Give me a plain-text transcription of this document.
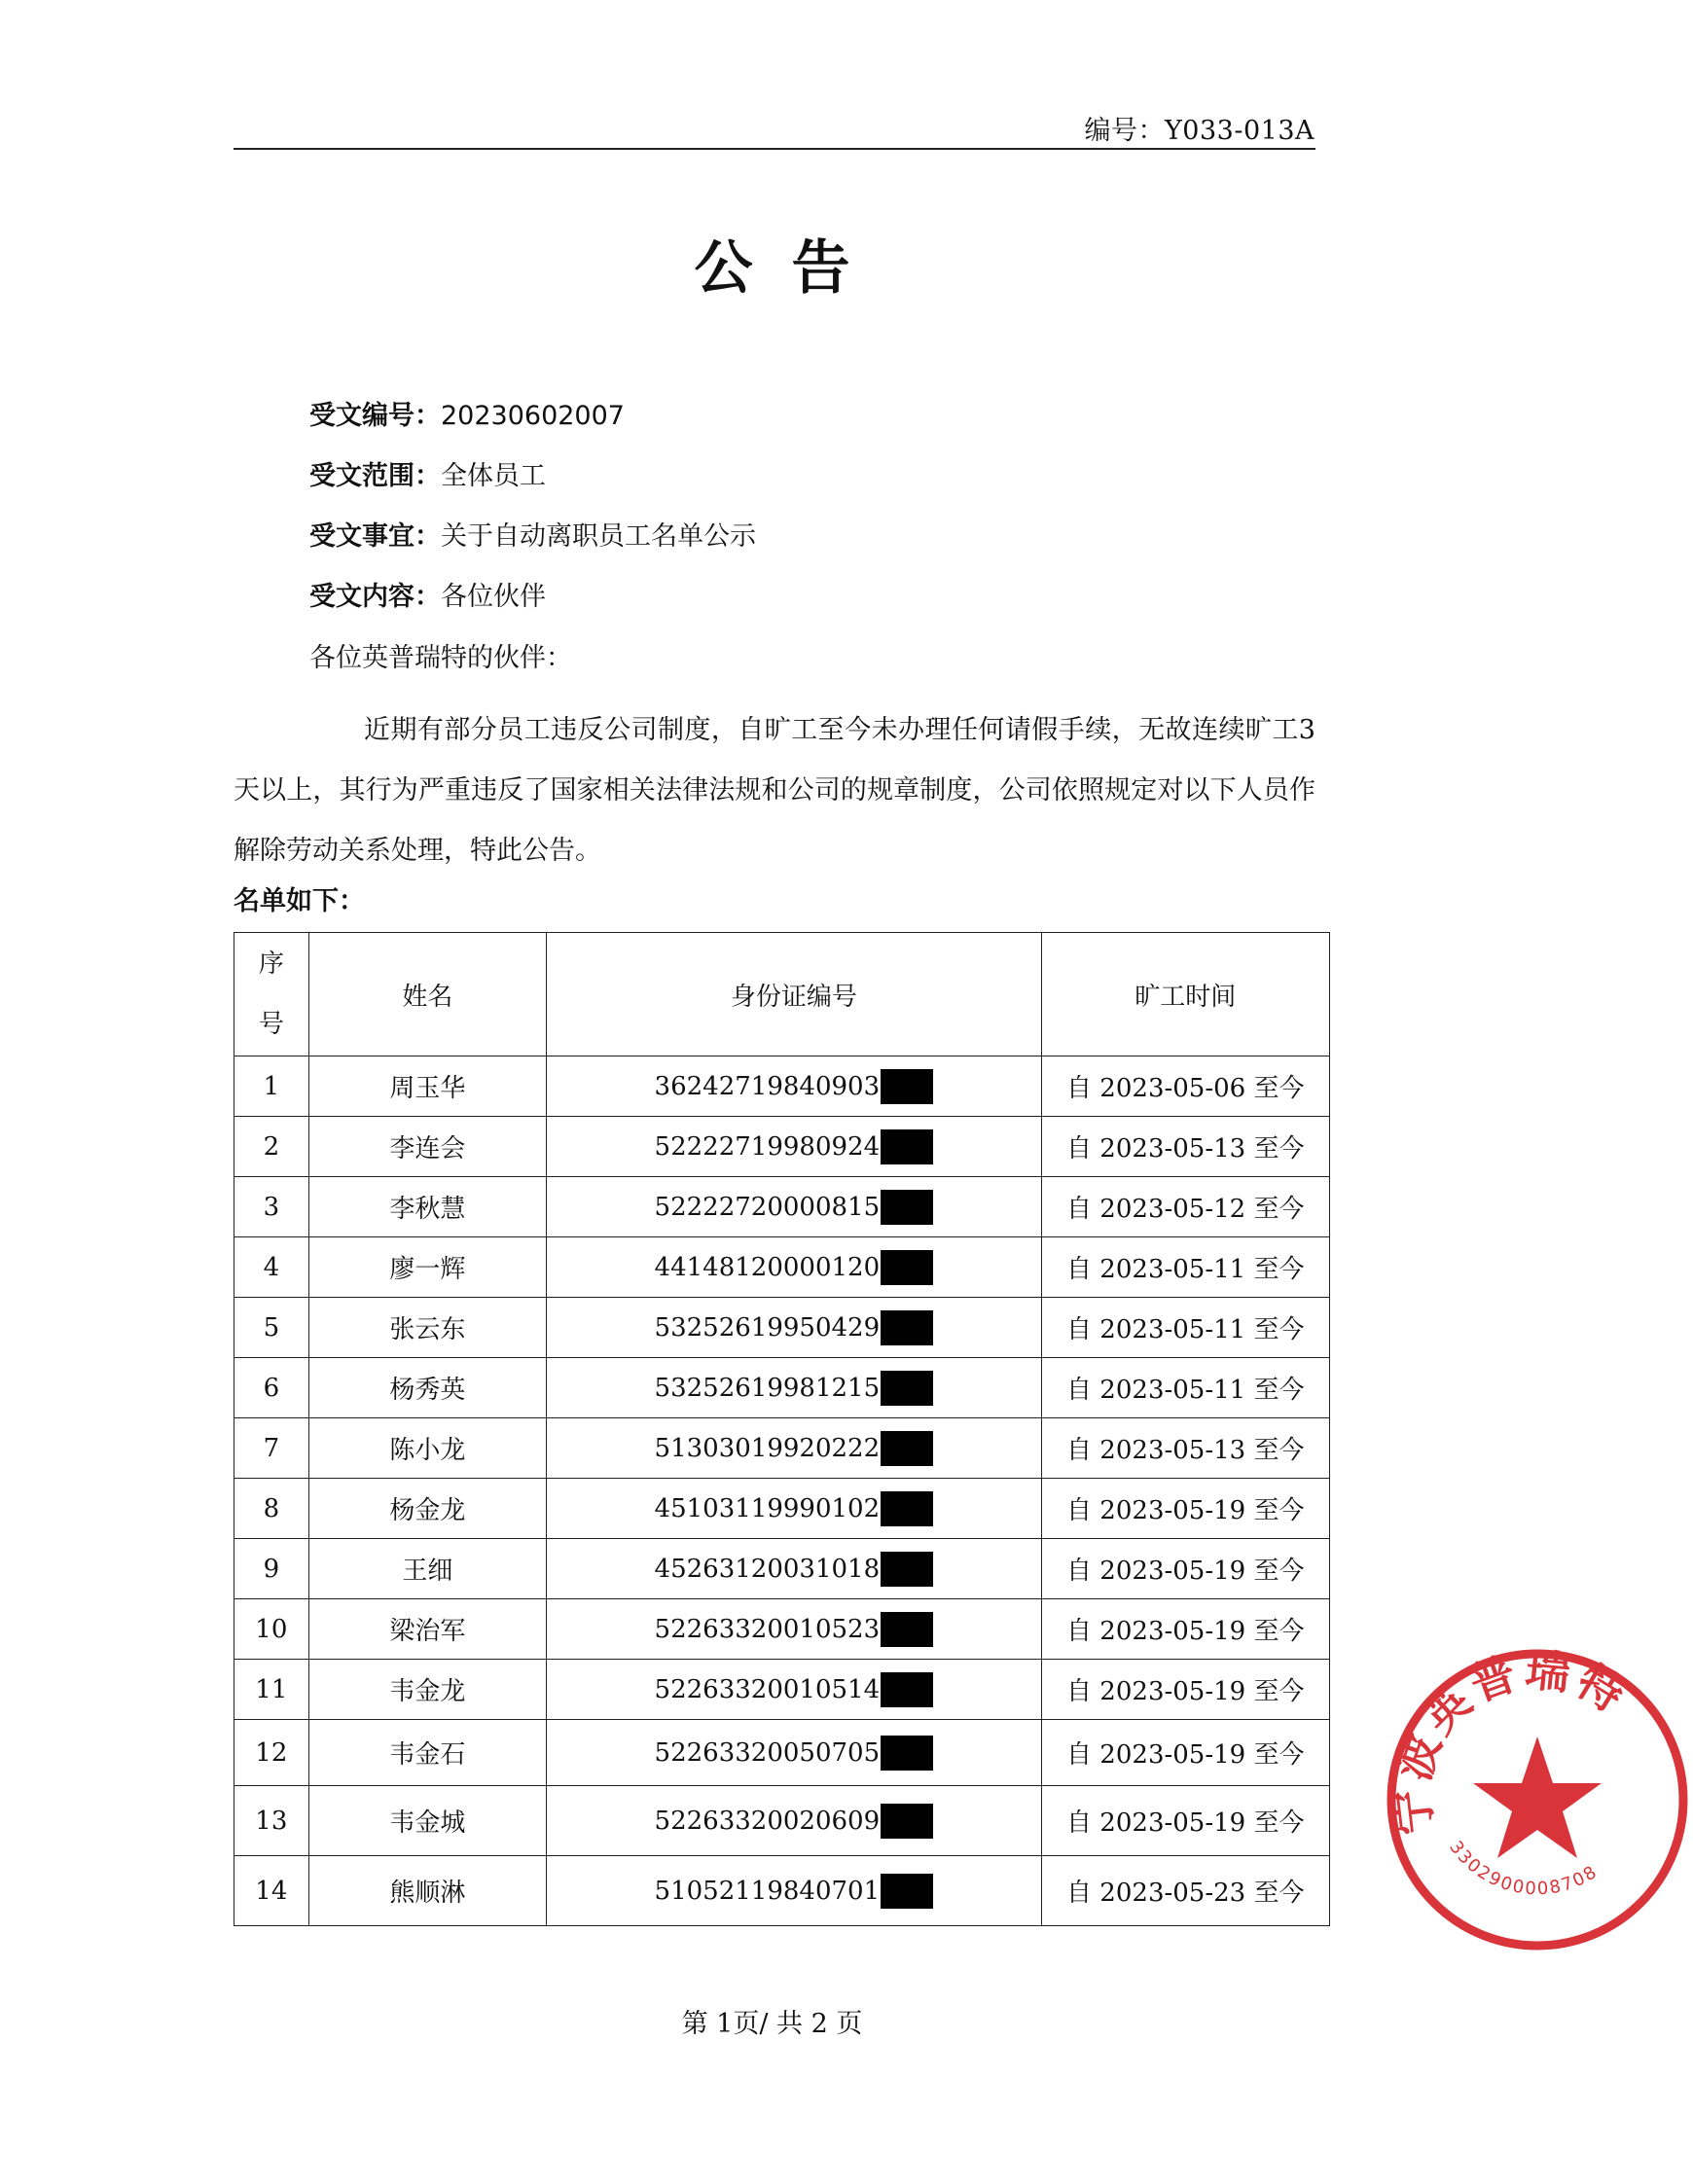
编号：Y033-013A
公告
受文编号：20230602007
受文范围：全体员工
受文事宜：关于自动离职员工名单公示
受文内容：各位伙伴
各位英普瑞特的伙伴：
近期有部分员工违反公司制度，自旷工至今未办理任何请假手续，无故连续旷工3天以上，其行为严重违反了国家相关法律法规和公司的规章制度，公司依照规定对以下人员作解除劳动关系处理，特此公告。
名单如下：
序号	姓名	身份证编号	旷工时间
1	周玉华	36242719840903	自 2023-05-06 至今
2	李连会	52222719980924	自 2023-05-13 至今
3	李秋慧	52222720000815	自 2023-05-12 至今
4	廖一辉	44148120000120	自 2023-05-11 至今
5	张云东	53252619950429	自 2023-05-11 至今
6	杨秀英	53252619981215	自 2023-05-11 至今
7	陈小龙	51303019920222	自 2023-05-13 至今
8	杨金龙	45103119990102	自 2023-05-19 至今
9	王细	45263120031018	自 2023-05-19 至今
10	梁治军	52263320010523	自 2023-05-19 至今
11	韦金龙	52263320010514	自 2023-05-19 至今
12	韦金石	52263320050705	自 2023-05-19 至今
13	韦金城	52263320020609	自 2023-05-19 至今
14	熊顺淋	51052119840701	自 2023-05-23 至今
第 1页/ 共 2 页
宁波英普瑞特
3302900008708
